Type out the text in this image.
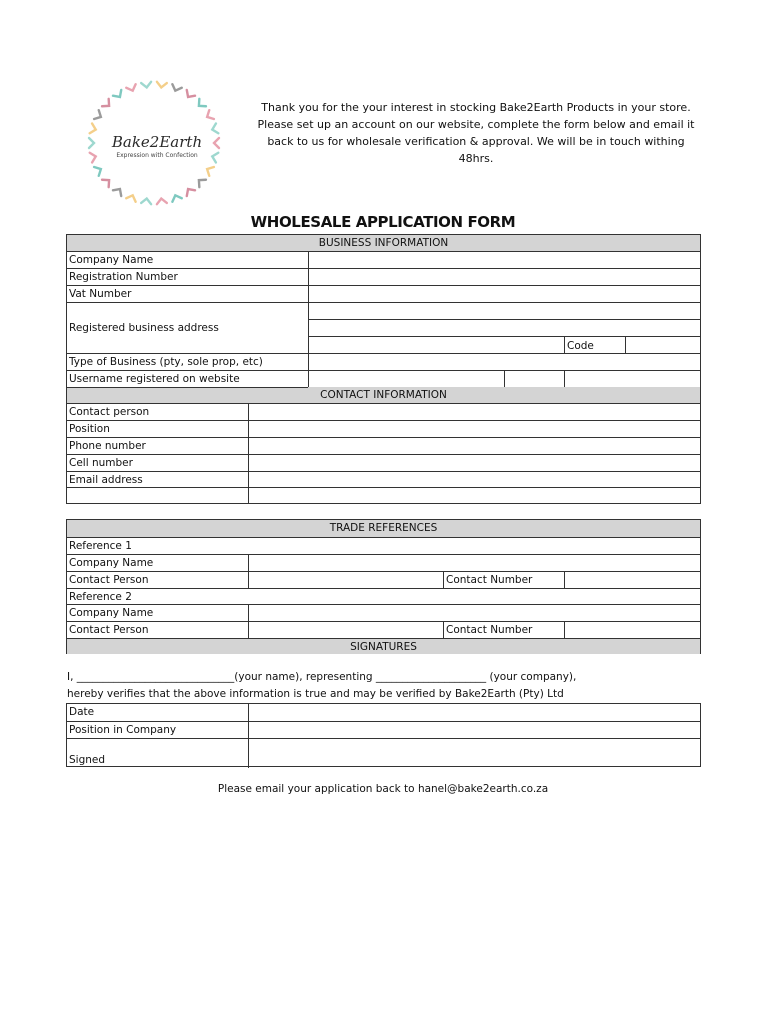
Bake2Earth
Expression with Confection
Thank you for the your interest in stocking Bake2Earth Products in your store.
Please set up an account on our website, complete the form below and email it
back to us for wholesale verification & approval. We will be in touch withing
48hrs.
WHOLESALE APPLICATION FORM
BUSINESS INFORMATION
Company Name
Registration Number
Vat Number
Registered business address
Code
Type of Business (pty, sole prop, etc)
Username registered on website
CONTACT INFORMATION
Contact person
Position
Phone number
Cell number
Email address
TRADE REFERENCES
Reference 1
Company Name
Contact Person	Contact Number
Reference 2
Company Name
Contact Person	Contact Number
SIGNATURES
I, ______________________________(your name), representing _____________________ (your company),
hereby verifies that the above information is true and may be verified by Bake2Earth (Pty) Ltd
Date
Position in Company
Signed
Please email your application back to hanel@bake2earth.co.za
